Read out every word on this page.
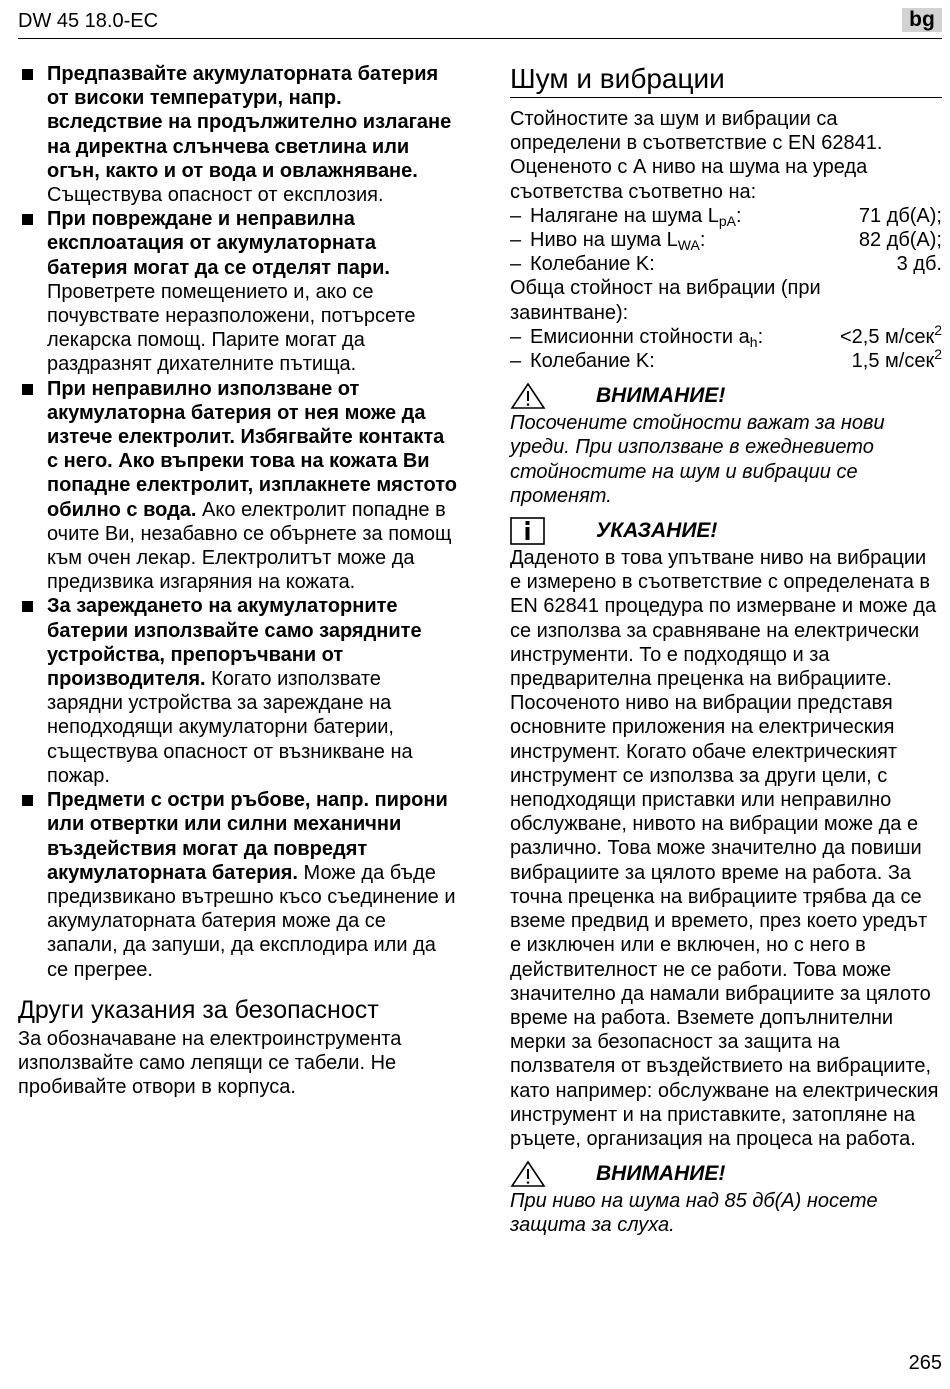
DW 45 18.0-EC	bg
Предпазвайте акумулаторната батерия от високи температури, напр. вследствие на продължително излагане на директна слънчева светлина или огън, както и от вода и овлажняване. Съществува опасност от експлозия.
При повреждане и неправилна експлоатация от акумулаторната батерия могат да се отделят пари. Проветрете помещението и, ако се почувствате неразположени, потърсете лекарска помощ. Парите могат да раздразнят дихателните пътища.
При неправилно използване от акумулаторна батерия от нея може да изтече електролит. Избягвайте контакта с него. Ако въпреки това на кожата Ви попадне електролит, изплакнете мястото обилно с вода. Ако електролит попадне в очите Ви, незабавно се обърнете за помощ към очен лекар. Електролитът може да предизвика изгаряния на кожата.
За зареждането на акумулаторните батерии използвайте само зарядните устройства, препоръчвани от производителя. Когато използвате зарядни устройства за зареждане на неподходящи акумулаторни батерии, съществува опасност от възникване на пожар.
Предмети с остри ръбове, напр. пирони или отвертки или силни механични въздействия могат да повредят акумулаторната батерия. Може да бъде предизвикано вътрешно късо съединение и акумулаторната батерия може да се запали, да запуши, да експлодира или да се прегрее.
Други указания за безопасност

За обозначаване на електроинструмента използвайте само лепящи се табели. Не пробивайте отвори в корпуса.

Шум и вибрации

Стойностите за шум и вибрации са определени в съответствие с EN 62841. Оцененото с А ниво на шума на уреда съответства съответно на:

– Налягане на шума $L_{pA}$:	71 дб(А);
– Ниво на шума $L_{WA}$:	82 дб(А);
– Колебание K:	3 дб.

Обща стойност на вибрации (при завинтване):

– Емисионни стойности $a_h$:	<2,5 м/сек$^2$
– Колебание K:	1,5 м/сек$^2$
ВНИМАНИЕ!

Посочените стойности важат за нови уреди. При използване в ежедневието стойностите на шум и вибрации се променят.

УКАЗАНИЕ!

Даденото в това упътване ниво на вибрации е измерено в съответствие с определената в EN 62841 процедура по измерване и може да се използва за сравняване на електрически инструменти. То е подходящо и за предварителна преценка на вибрациите. Посоченото ниво на вибрации представя основните приложения на електрическия инструмент. Когато обаче електрическият инструмент се използва за други цели, с неподходящи приставки или неправилно обслужване, нивото на вибрации може да е различно. Това може значително да повиши вибрациите за цялото време на работа. За точна преценка на вибрациите трябва да се вземе предвид и времето, през което уредът е изключен или е включен, но с него в действителност не се работи. Това може значително да намали вибрациите за цялото време на работа. Вземете допълнителни мерки за безопасност за защита на ползвателя от въздействието на вибрациите, като например: обслужване на електрическия инструмент и на приставките, затопляне на ръцете, организация на процеса на работа.

ВНИМАНИЕ!

При ниво на шума над 85 дб(А) носете защита за слуха.

265
